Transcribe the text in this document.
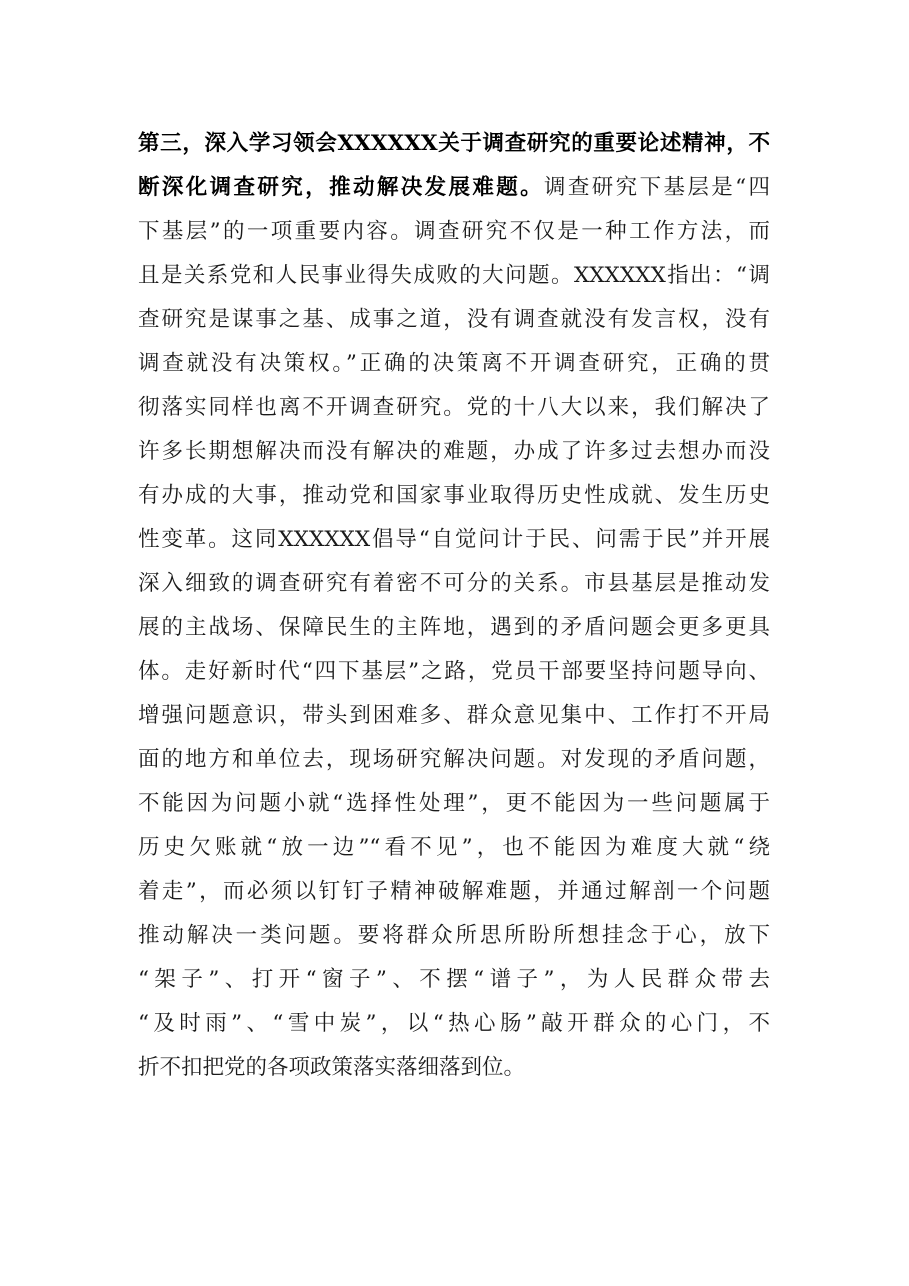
第三，深入学习领会XXXXXX关于调查研究的重要论述精神，不
断深化调查研究，推动解决发展难题。调查研究下基层是“四
下基层”的一项重要内容。调查研究不仅是一种工作方法，而
且是关系党和人民事业得失成败的大问题。XXXXXX指出：“调
查研究是谋事之基、成事之道，没有调查就没有发言权，没有
调查就没有决策权。”正确的决策离不开调查研究，正确的贯
彻落实同样也离不开调查研究。党的十八大以来，我们解决了
许多长期想解决而没有解决的难题，办成了许多过去想办而没
有办成的大事，推动党和国家事业取得历史性成就、发生历史
性变革。这同XXXXXX倡导“自觉问计于民、问需于民”并开展
深入细致的调查研究有着密不可分的关系。市县基层是推动发
展的主战场、保障民生的主阵地，遇到的矛盾问题会更多更具
体。走好新时代“四下基层”之路，党员干部要坚持问题导向、
增强问题意识，带头到困难多、群众意见集中、工作打不开局
面的地方和单位去，现场研究解决问题。对发现的矛盾问题，
不能因为问题小就“选择性处理”，更不能因为一些问题属于
历史欠账就“放一边”“看不见”，也不能因为难度大就“绕
着走”，而必须以钉钉子精神破解难题，并通过解剖一个问题
推动解决一类问题。要将群众所思所盼所想挂念于心，放下
“架子”、打开“窗子”、不摆“谱子”，为人民群众带去
“及时雨”、“雪中炭”，以“热心肠”敲开群众的心门，不
折不扣把党的各项政策落实落细落到位。
